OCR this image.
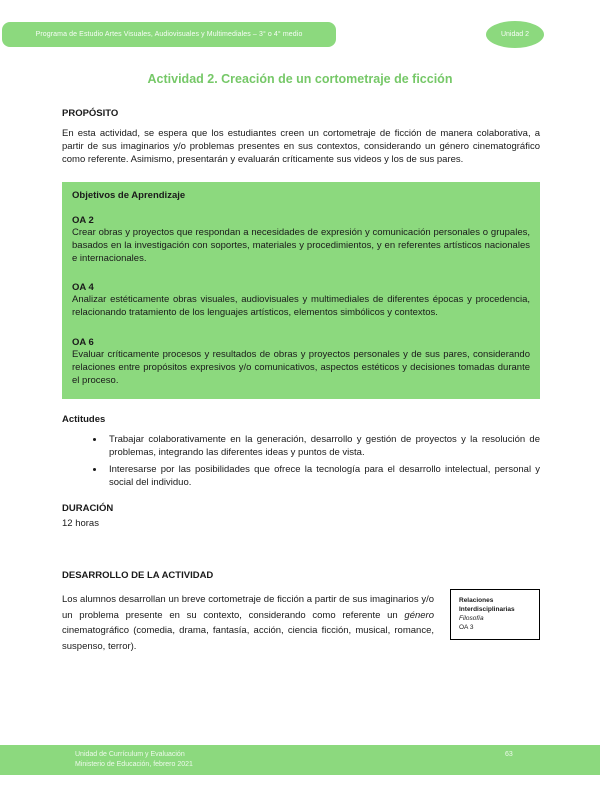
Programa de Estudio Artes Visuales, Audiovisuales y Multimediales – 3° o 4° medio	Unidad 2
Actividad 2. Creación de un cortometraje de ficción

PROPÓSITO

En esta actividad, se espera que los estudiantes creen un cortometraje de ficción de manera colaborativa, a partir de sus imaginarios y/o problemas presentes en sus contextos, considerando un género cinematográfico como referente. Asimismo, presentarán y evaluarán críticamente sus videos y los de sus pares.

Objetivos de Aprendizaje

OA 2

Crear obras y proyectos que respondan a necesidades de expresión y comunicación personales o grupales, basados en la investigación con soportes, materiales y procedimientos, y en referentes artísticos nacionales e internacionales.

OA 4

Analizar estéticamente obras visuales, audiovisuales y multimediales de diferentes épocas y procedencia, relacionando tratamiento de los lenguajes artísticos, elementos simbólicos y contextos.

OA 6

Evaluar críticamente procesos y resultados de obras y proyectos personales y de sus pares, considerando relaciones entre propósitos expresivos y/o comunicativos, aspectos estéticos y decisiones tomadas durante el proceso.

Actitudes

• Trabajar colaborativamente en la generación, desarrollo y gestión de proyectos y la resolución de problemas, integrando las diferentes ideas y puntos de vista.
• Interesarse por las posibilidades que ofrece la tecnología para el desarrollo intelectual, personal y social del individuo.

DURACIÓN

12 horas

DESARROLLO DE LA ACTIVIDAD

Los alumnos desarrollan un breve cortometraje de ficción a partir de sus imaginarios y/o un problema presente en su contexto, considerando como referente un género cinematográfico (comedia, drama, fantasía, acción, ciencia ficción, musical, romance, suspenso, terror).

Relaciones
Interdisciplinarias
Filosofía
OA 3
Unidad de Currículum y Evaluación
Ministerio de Educación, febrero 2021
63
